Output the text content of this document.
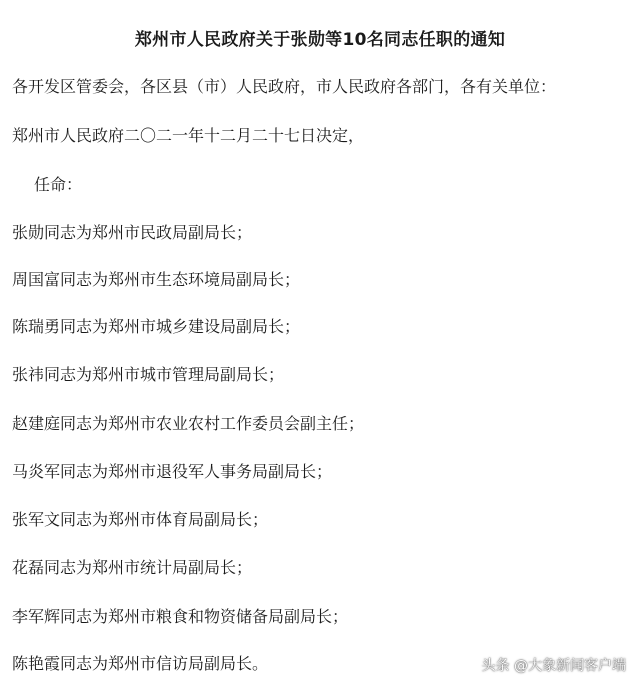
郑州市人民政府关于张勋等10名同志任职的通知
各开发区管委会，各区县（市）人民政府，市人民政府各部门，各有关单位：
郑州市人民政府二〇二一年十二月二十七日决定，
任命：
张勋同志为郑州市民政局副局长；
周国富同志为郑州市生态环境局副局长；
陈瑞勇同志为郑州市城乡建设局副局长；
张祎同志为郑州市城市管理局副局长；
赵建庭同志为郑州市农业农村工作委员会副主任；
马炎军同志为郑州市退役军人事务局副局长；
张军文同志为郑州市体育局副局长；
花磊同志为郑州市统计局副局长；
李军辉同志为郑州市粮食和物资储备局副局长；
陈艳霞同志为郑州市信访局副局长。	头条 @大象新闻客户端
